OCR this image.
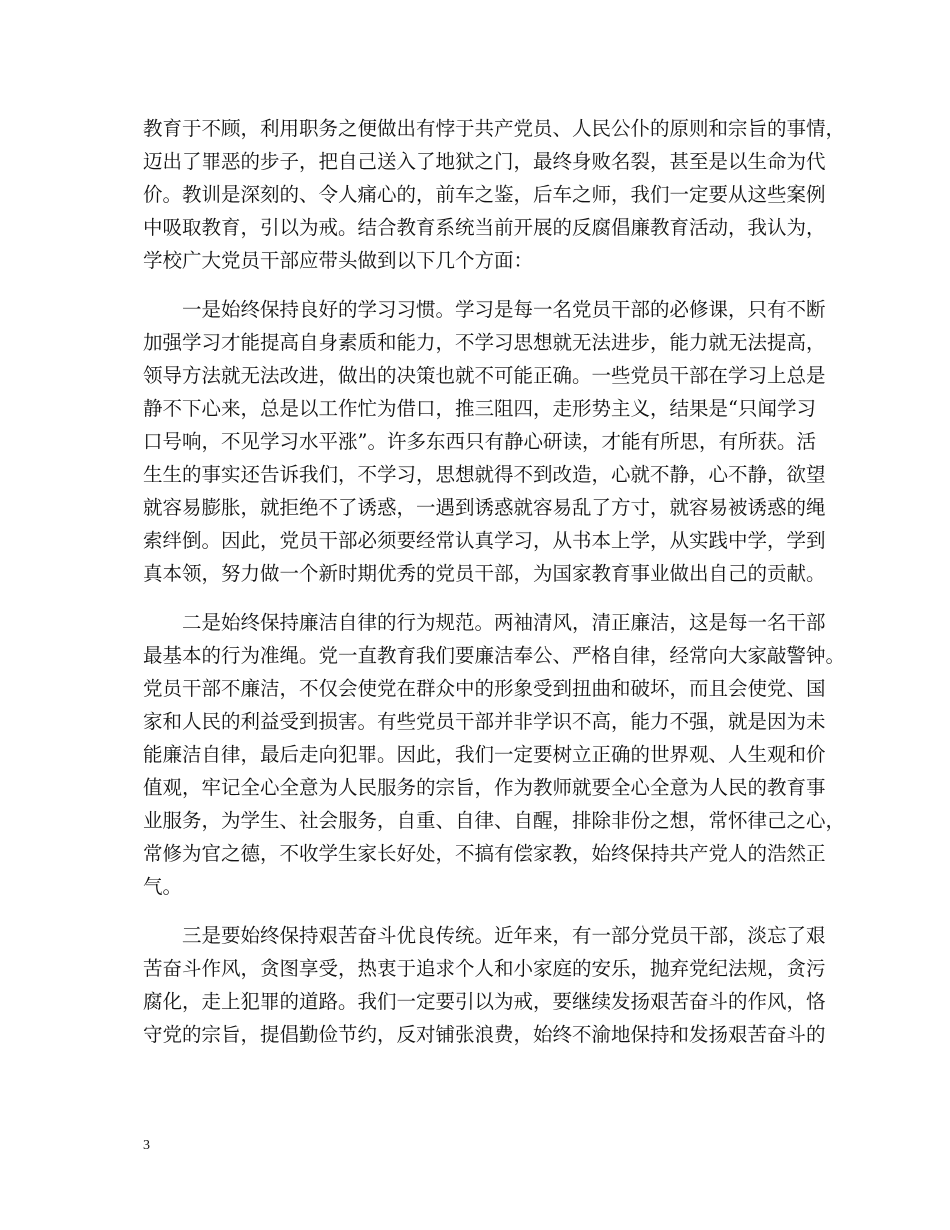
教育于不顾，利用职务之便做出有悖于共产党员、人民公仆的原则和宗旨的事情，
迈出了罪恶的步子，把自己送入了地狱之门，最终身败名裂，甚至是以生命为代
价。教训是深刻的、令人痛心的，前车之鉴，后车之师，我们一定要从这些案例
中吸取教育，引以为戒。结合教育系统当前开展的反腐倡廉教育活动，我认为，
学校广大党员干部应带头做到以下几个方面：
　　一是始终保持良好的学习习惯。学习是每一名党员干部的必修课，只有不断
加强学习才能提高自身素质和能力，不学习思想就无法进步，能力就无法提高，
领导方法就无法改进，做出的决策也就不可能正确。一些党员干部在学习上总是
静不下心来，总是以工作忙为借口，推三阻四，走形势主义，结果是“只闻学习
口号响，不见学习水平涨”。许多东西只有静心研读，才能有所思，有所获。活
生生的事实还告诉我们，不学习，思想就得不到改造，心就不静，心不静，欲望
就容易膨胀，就拒绝不了诱惑，一遇到诱惑就容易乱了方寸，就容易被诱惑的绳
索绊倒。因此，党员干部必须要经常认真学习，从书本上学，从实践中学，学到
真本领，努力做一个新时期优秀的党员干部，为国家教育事业做出自己的贡献。
　　二是始终保持廉洁自律的行为规范。两袖清风，清正廉洁，这是每一名干部
最基本的行为准绳。党一直教育我们要廉洁奉公、严格自律，经常向大家敲警钟。
党员干部不廉洁，不仅会使党在群众中的形象受到扭曲和破坏，而且会使党、国
家和人民的利益受到损害。有些党员干部并非学识不高，能力不强，就是因为未
能廉洁自律，最后走向犯罪。因此，我们一定要树立正确的世界观、人生观和价
值观，牢记全心全意为人民服务的宗旨，作为教师就要全心全意为人民的教育事
业服务，为学生、社会服务，自重、自律、自醒，排除非份之想，常怀律己之心，
常修为官之德，不收学生家长好处，不搞有偿家教，始终保持共产党人的浩然正
气。
　　三是要始终保持艰苦奋斗优良传统。近年来，有一部分党员干部，淡忘了艰
苦奋斗作风，贪图享受，热衷于追求个人和小家庭的安乐，抛弃党纪法规，贪污
腐化，走上犯罪的道路。我们一定要引以为戒，要继续发扬艰苦奋斗的作风，恪
守党的宗旨，提倡勤俭节约，反对铺张浪费，始终不渝地保持和发扬艰苦奋斗的
3
